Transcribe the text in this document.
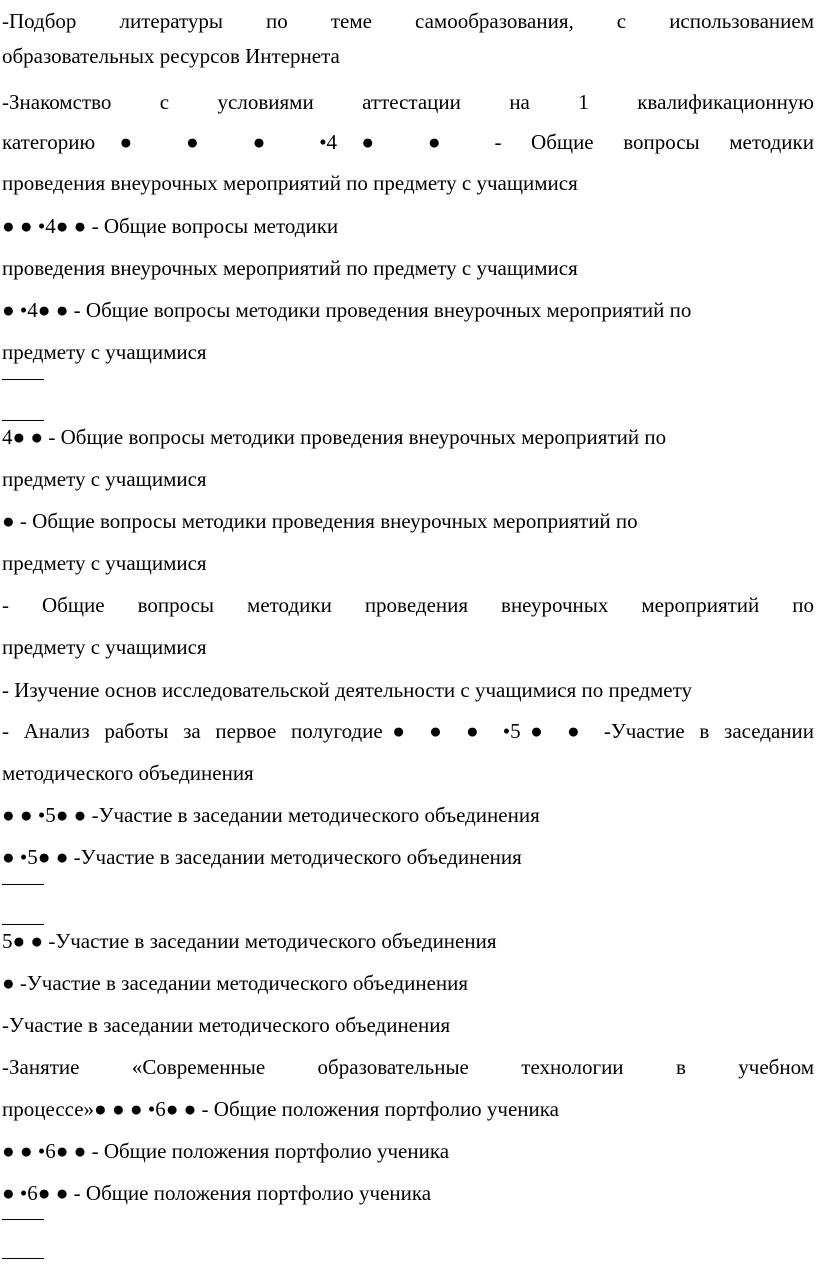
-Подбор литературы по теме самообразования, с использованием
образовательных ресурсов Интернета
-Знакомство с условиями аттестации на 1 квалификационную
категорию● ● ● •4● ● - Общие вопросы методики
проведения внеурочных мероприятий по предмету с учащимися
● ● •4● ● - Общие вопросы методики
проведения внеурочных мероприятий по предмету с учащимися
● •4● ● - Общие вопросы методики проведения внеурочных мероприятий по
предмету с учащимися
4● ● - Общие вопросы методики проведения внеурочных мероприятий по
предмету с учащимися
● - Общие вопросы методики проведения внеурочных мероприятий по
предмету с учащимися
- Общие вопросы методики проведения внеурочных мероприятий по
предмету с учащимися
- Изучение основ исследовательской деятельности с учащимися по предмету
- Анализ работы за первое полугодие● ● ● •5● ● -Участие в заседании
методического объединения
● ● •5● ● -Участие в заседании методического объединения
● •5● ● -Участие в заседании методического объединения
5● ● -Участие в заседании методического объединения
● -Участие в заседании методического объединения
-Участие в заседании методического объединения
-Занятие «Современные образовательные технологии в учебном
процессе»● ● ● •6● ● - Общие положения портфолио ученика
● ● •6● ● - Общие положения портфолио ученика
● •6● ● - Общие положения портфолио ученика
